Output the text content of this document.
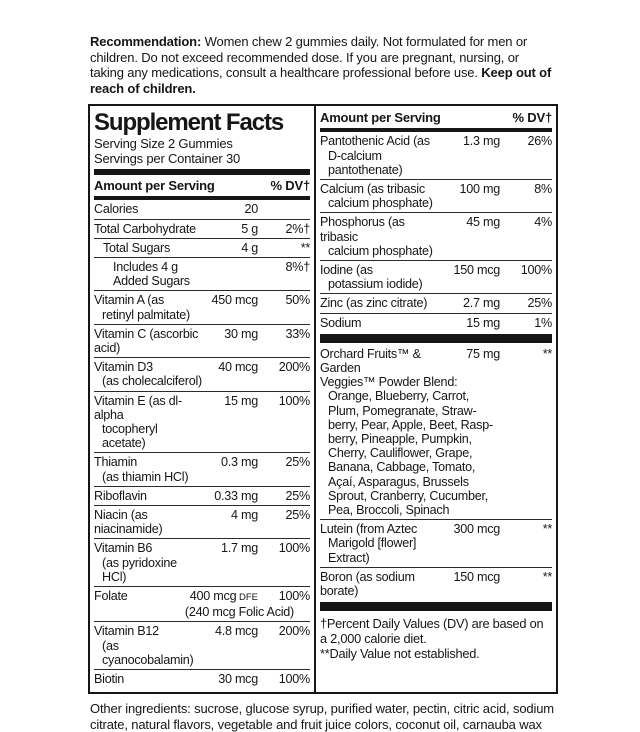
Recommendation: Women chew 2 gummies daily. Not formulated for men or children. Do not exceed recommended dose. If you are pregnant, nursing, or taking any medications, consult a healthcare professional before use. Keep out of reach of children.

Supplement Facts
Serving Size 2 Gummies
Servings per Container 30
Amount per Serving	% DV†
Calories	20
Total Carbohydrate	5 g	2%†
Total Sugars	4 g	**
Includes 4 g Added Sugars
8%†
Vitamin A (as
retinyl palmitate)
450 mcg	50%
Vitamin C (ascorbic acid)
30 mg	33%
Vitamin D3
(as cholecalciferol)
40 mcg	200%
Vitamin E (as dl-alpha
tocopheryl acetate)
15 mg	100%
Thiamin
(as thiamin HCl)
0.3 mg	25%
Riboflavin	0.33 mg	25%
Niacin (as niacinamide)
4 mg	25%
Vitamin B6
(as pyridoxine HCl)
1.7 mg	100%
Folate	400 mcg DFE	100%
(240 mcg Folic Acid)
Vitamin B12
(as cyanocobalamin)
4.8 mcg	200%
Biotin	30 mcg	100%
Amount per Serving	% DV†
Pantothenic Acid (as
D-calcium pantothenate)
1.3 mg	26%
Calcium (as tribasic
calcium phosphate)
100 mg	8%
Phosphorus (as tribasic
calcium phosphate)
45 mg	4%
Iodine (as
potassium iodide)
150 mcg	100%
Zinc (as zinc citrate)	2.7 mg	25%
Sodium	15 mg	1%
Orchard Fruits™ & Garden
75 mg	**
Veggies™ Powder Blend:
Orange, Blueberry, Carrot,
Plum, Pomegranate, Straw-
berry, Pear, Apple, Beet, Rasp-
berry, Pineapple, Pumpkin,
Cherry, Cauliflower, Grape,
Banana, Cabbage, Tomato,
Açaí, Asparagus, Brussels
Sprout, Cranberry, Cucumber,
Pea, Broccoli, Spinach
Lutein (from Aztec
Marigold [flower] Extract)
300 mcg	**
Boron (as sodium borate)
150 mcg	**
†Percent Daily Values (DV) are based on a 2,000 calorie diet.
**Daily Value not established.

Other ingredients: sucrose, glucose syrup, purified water, pectin, citric acid, sodium citrate, natural flavors, vegetable and fruit juice colors, coconut oil, carnauba wax
